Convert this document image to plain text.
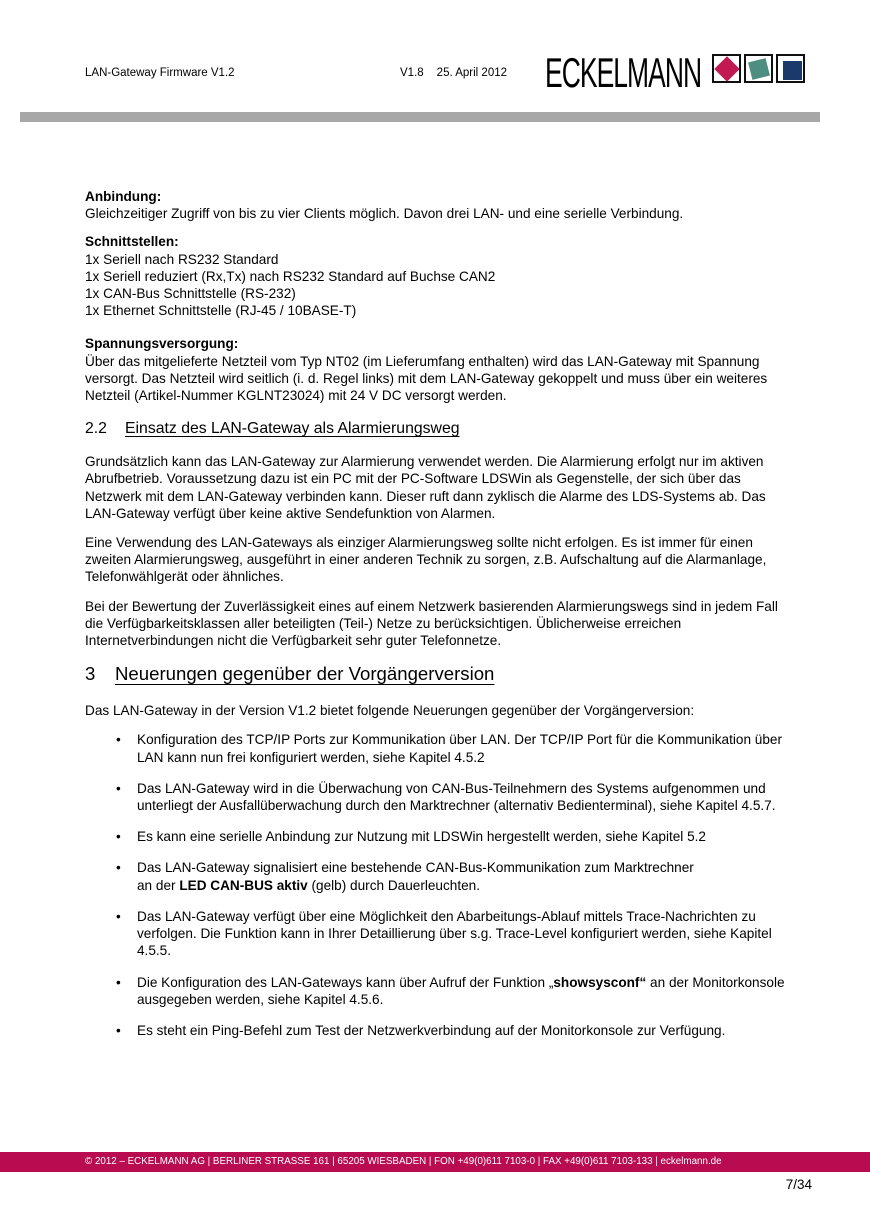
LAN-Gateway Firmware V1.2	V1.8 25. April 2012 ECKELMANN
Anbindung:
Gleichzeitiger Zugriff von bis zu vier Clients möglich. Davon drei LAN- und eine serielle Verbindung.
Schnittstellen:
1x Seriell nach RS232 Standard
1x Seriell reduziert (Rx,Tx) nach RS232 Standard auf Buchse CAN2
1x CAN-Bus Schnittstelle (RS-232)
1x Ethernet Schnittstelle (RJ-45 / 10BASE-T)
Spannungsversorgung:
Über das mitgelieferte Netzteil vom Typ NT02 (im Lieferumfang enthalten) wird das LAN-Gateway mit Spannung versorgt. Das Netzteil wird seitlich (i. d. Regel links) mit dem LAN-Gateway gekoppelt und muss über ein weiteres Netzteil (Artikel-Nummer KGLNT23024) mit 24 V DC versorgt werden.
2.2	Einsatz des LAN-Gateway als Alarmierungsweg

Grundsätzlich kann das LAN-Gateway zur Alarmierung verwendet werden. Die Alarmierung erfolgt nur im aktiven Abrufbetrieb. Voraussetzung dazu ist ein PC mit der PC-Software LDSWin als Gegenstelle, der sich über das Netzwerk mit dem LAN-Gateway verbinden kann. Dieser ruft dann zyklisch die Alarme des LDS-Systems ab. Das LAN-Gateway verfügt über keine aktive Sendefunktion von Alarmen.

Eine Verwendung des LAN-Gateways als einziger Alarmierungsweg sollte nicht erfolgen. Es ist immer für einen zweiten Alarmierungsweg, ausgeführt in einer anderen Technik zu sorgen, z.B. Aufschaltung auf die Alarmanlage, Telefonwählgerät oder ähnliches.

Bei der Bewertung der Zuverlässigkeit eines auf einem Netzwerk basierenden Alarmierungswegs sind in jedem Fall die Verfügbarkeitsklassen aller beteiligten (Teil-) Netze zu berücksichtigen. Üblicherweise erreichen Internetverbindungen nicht die Verfügbarkeit sehr guter Telefonnetze.

3	Neuerungen gegenüber der Vorgängerversion

Das LAN-Gateway in der Version V1.2 bietet folgende Neuerungen gegenüber der Vorgängerversion:

• Konfiguration des TCP/IP Ports zur Kommunikation über LAN. Der TCP/IP Port für die Kommunikation über LAN kann nun frei konfiguriert werden, siehe Kapitel 4.5.2
• Das LAN-Gateway wird in die Überwachung von CAN-Bus-Teilnehmern des Systems aufgenommen und unterliegt der Ausfallüberwachung durch den Marktrechner (alternativ Bedienterminal), siehe Kapitel 4.5.7.
• Es kann eine serielle Anbindung zur Nutzung mit LDSWin hergestellt werden, siehe Kapitel 5.2
• Das LAN-Gateway signalisiert eine bestehende CAN-Bus-Kommunikation zum Marktrechner
an der LED CAN-BUS aktiv (gelb) durch Dauerleuchten.
• Das LAN-Gateway verfügt über eine Möglichkeit den Abarbeitungs-Ablauf mittels Trace-Nachrichten zu verfolgen. Die Funktion kann in Ihrer Detaillierung über s.g. Trace-Level konfiguriert werden, siehe Kapitel 4.5.5.
• Die Konfiguration des LAN-Gateways kann über Aufruf der Funktion „showsysconf“ an der Monitorkonsole ausgegeben werden, siehe Kapitel 4.5.6.
• Es steht ein Ping-Befehl zum Test der Netzwerkverbindung auf der Monitorkonsole zur Verfügung.
© 2012 – ECKELMANN AG | BERLINER STRASSE 161 | 65205 WIESBADEN | FON +49(0)611 7103-0 | FAX +49(0)611 7103-133 | eckelmann.de
7/34
